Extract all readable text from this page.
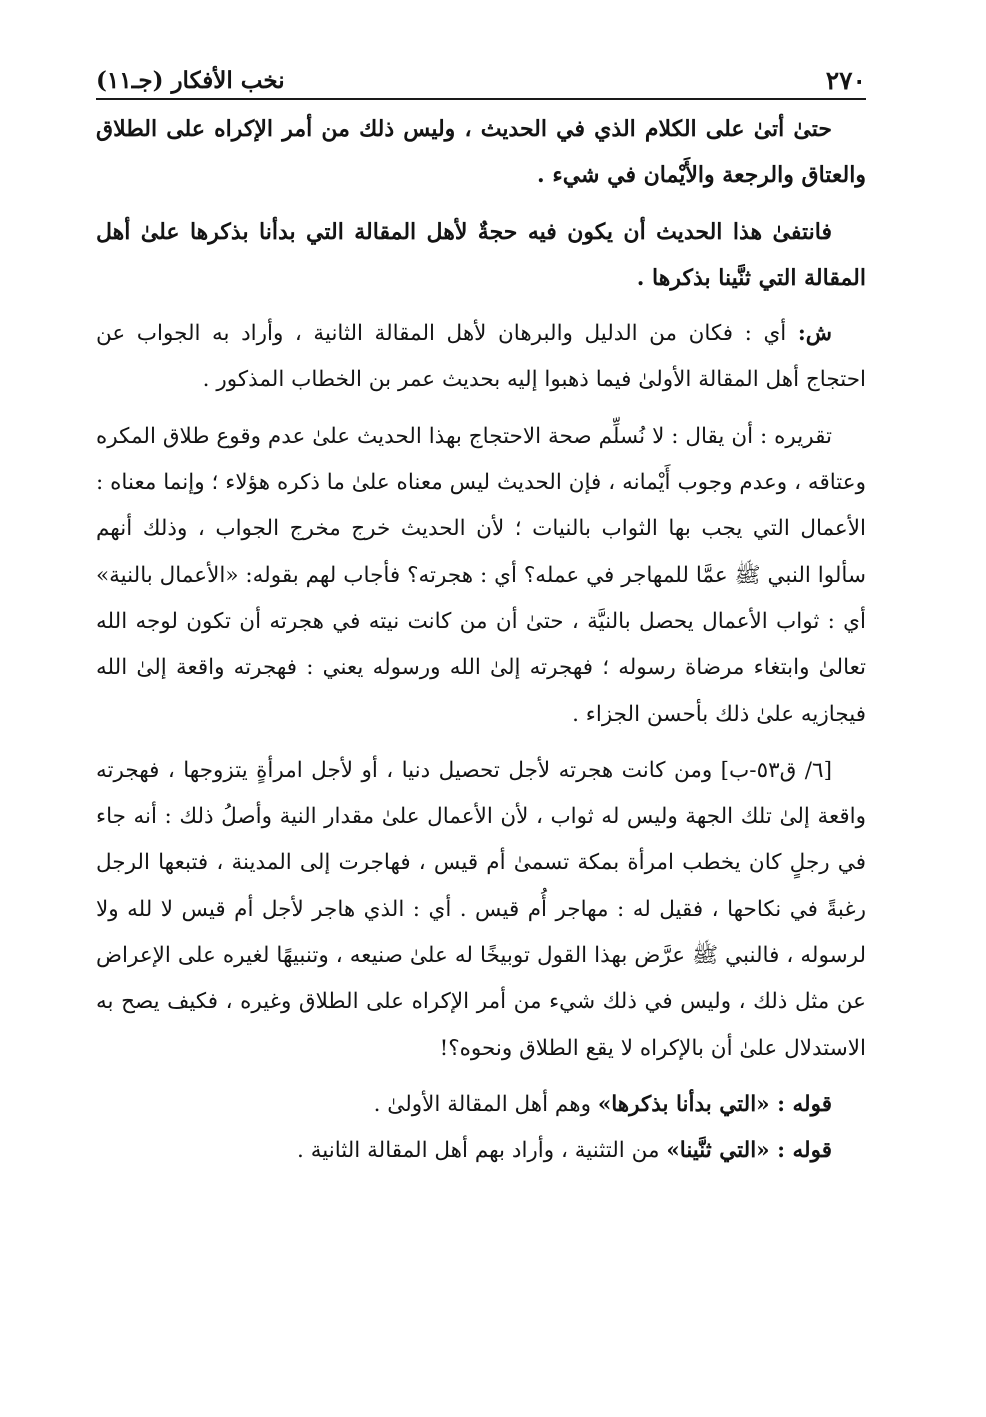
٢٧٠
نخب الأفكار (جـ١١)

حتىٰ أتىٰ على الكلام الذي في الحديث ، وليس ذلك من أمر الإكراه على الطلاق والعتاق والرجعة والأَيْمان في شيء .

فانتفىٰ هذا الحديث أن يكون فيه حجةٌ لأهل المقالة التي بدأنا بذكرها علىٰ أهل المقالة التي ثنَّينا بذكرها .

ش: أي : فكان من الدليل والبرهان لأهل المقالة الثانية ، وأراد به الجواب عن احتجاج أهل المقالة الأولىٰ فيما ذهبوا إليه بحديث عمر بن الخطاب المذكور .

تقريره : أن يقال : لا نُسلِّم صحة الاحتجاج بهذا الحديث علىٰ عدم وقوع طلاق المكره وعتاقه ، وعدم وجوب أَيْمانه ، فإن الحديث ليس معناه علىٰ ما ذكره هؤلاء ؛ وإنما معناه : الأعمال التي يجب بها الثواب بالنيات ؛ لأن الحديث خرج مخرج الجواب ، وذلك أنهم سألوا النبي ﷺ عمَّا للمهاجر في عمله؟ أي : هجرته؟ فأجاب لهم بقوله: «الأعمال بالنية» أي : ثواب الأعمال يحصل بالنيَّة ، حتىٰ أن من كانت نيته في هجرته أن تكون لوجه الله تعالىٰ وابتغاء مرضاة رسوله ؛ فهجرته إلىٰ الله ورسوله يعني : فهجرته واقعة إلىٰ الله فيجازيه علىٰ ذلك بأحسن الجزاء .

[٦/ ق٥٣-ب] ومن كانت هجرته لأجل تحصيل دنيا ، أو لأجل امرأةٍ يتزوجها ، فهجرته واقعة إلىٰ تلك الجهة وليس له ثواب ، لأن الأعمال علىٰ مقدار النية وأصلُ ذلك : أنه جاء في رجلٍ كان يخطب امرأة بمكة تسمىٰ أم قيس ، فهاجرت إلى المدينة ، فتبعها الرجل رغبةً في نكاحها ، فقيل له : مهاجر أُم قيس . أي : الذي هاجر لأجل أم قيس لا لله ولا لرسوله ، فالنبي ﷺ عرَّض بهذا القول توبيخًا له علىٰ صنيعه ، وتنبيهًا لغيره على الإعراض عن مثل ذلك ، وليس في ذلك شيء من أمر الإكراه على الطلاق وغيره ، فكيف يصح به الاستدلال علىٰ أن بالإكراه لا يقع الطلاق ونحوه؟!

قوله : «التي بدأنا بذكرها» وهم أهل المقالة الأولىٰ .

قوله : «التي ثنَّينا» من التثنية ، وأراد بهم أهل المقالة الثانية .
